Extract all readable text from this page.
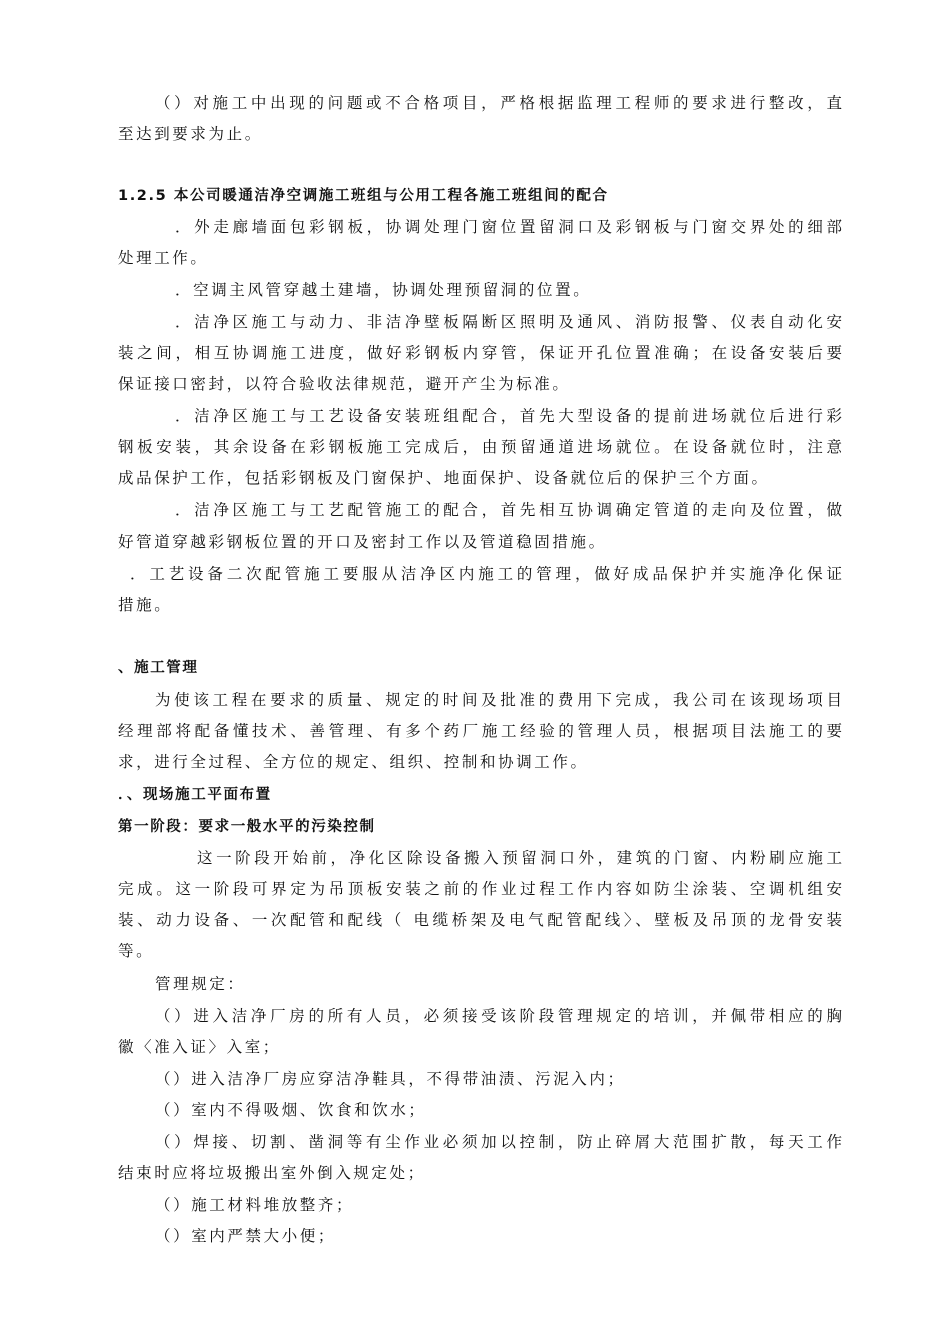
（）对施工中出现的问题或不合格项目，严格根据监理工程师的要求进行整改，直
至达到要求为止。
1.2.5 本公司暖通洁净空调施工班组与公用工程各施工班组间的配合
．外走廊墙面包彩钢板，协调处理门窗位置留洞口及彩钢板与门窗交界处的细部
处理工作。
．空调主风管穿越土建墙，协调处理预留洞的位置。
．洁净区施工与动力、非洁净壁板隔断区照明及通风、消防报警、仪表自动化安
装之间，相互协调施工进度，做好彩钢板内穿管，保证开孔位置准确；在设备安装后要
保证接口密封，以符合验收法律规范，避开产尘为标准。
．洁净区施工与工艺设备安装班组配合，首先大型设备的提前进场就位后进行彩
钢板安装，其余设备在彩钢板施工完成后，由预留通道进场就位。在设备就位时，注意
成品保护工作，包括彩钢板及门窗保护、地面保护、设备就位后的保护三个方面。
．洁净区施工与工艺配管施工的配合，首先相互协调确定管道的走向及位置，做
好管道穿越彩钢板位置的开口及密封工作以及管道稳固措施。
．工艺设备二次配管施工要服从洁净区内施工的管理，做好成品保护并实施净化保证
措施。
、施工管理
为使该工程在要求的质量、规定的时间及批准的费用下完成，我公司在该现场项目
经理部将配备懂技术、善管理、有多个药厂施工经验的管理人员，根据项目法施工的要
求，进行全过程、全方位的规定、组织、控制和协调工作。
．、现场施工平面布置
第一阶段：要求一般水平的污染控制
这一阶段开始前，净化区除设备搬入预留洞口外，建筑的门窗、内粉刷应施工
完成。这一阶段可界定为吊顶板安装之前的作业过程工作内容如防尘涂装、空调机组安
装、动力设备、一次配管和配线（ 电缆桥架及电气配管配线〉、壁板及吊顶的龙骨安装
等。
管理规定：
（）进入洁净厂房的所有人员，必须接受该阶段管理规定的培训，并佩带相应的胸
徽〈准入证〉入室；
（）进入洁净厂房应穿洁净鞋具，不得带油渍、污泥入内；
（）室内不得吸烟、饮食和饮水；
（）焊接、切割、凿洞等有尘作业必须加以控制，防止碎屑大范围扩散，每天工作
结束时应将垃圾搬出室外倒入规定处；
（）施工材料堆放整齐；
（）室内严禁大小便；
